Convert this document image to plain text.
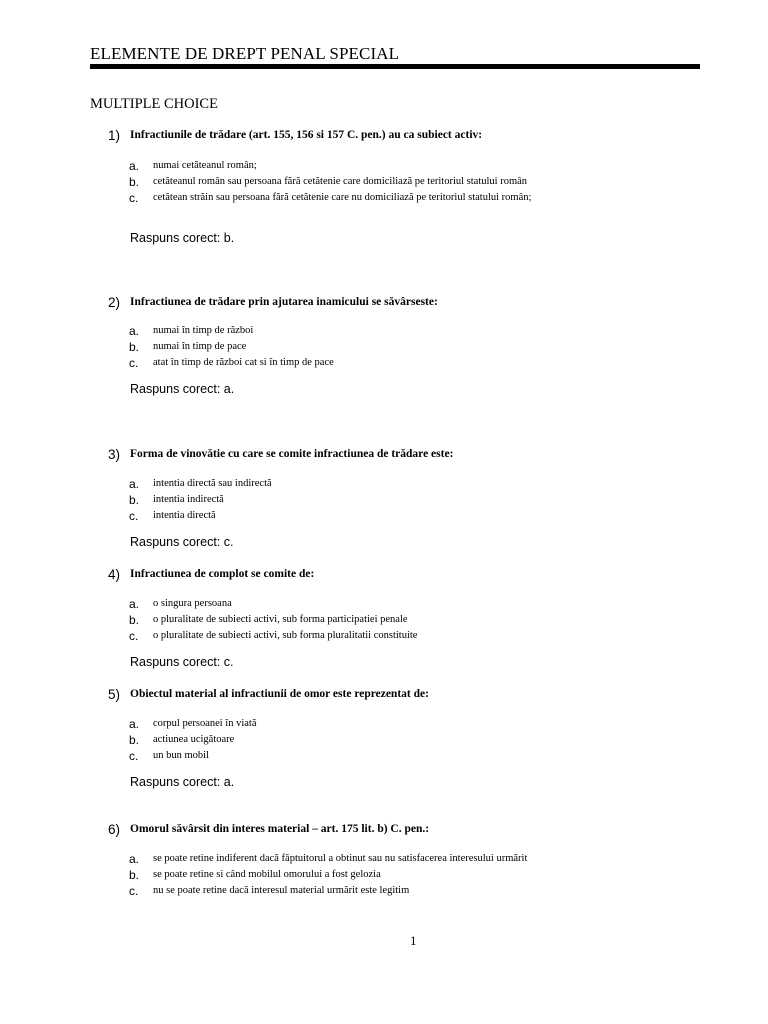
ELEMENTE DE DREPT PENAL SPECIAL
MULTIPLE CHOICE
1) Infractiunile de trădare (art. 155, 156 si 157 C. pen.) au ca subiect activ:
a. numai cetăteanul român;
b. cetăteanul român sau persoana fără cetătenie care domiciliază pe teritoriul statului român
c. cetătean străin sau persoana fără cetătenie care nu domiciliază pe teritoriul statului român;
Raspuns corect: b.
2) Infractiunea de trădare prin ajutarea inamicului se săvârseste:
a. numai în timp de război
b. numai în timp de pace
c. atat în timp de război cat si în timp de pace
Raspuns corect: a.
3) Forma de vinovătie cu care se comite infractiunea de trădare este:
a. intentia directă sau indirectă
b. intentia indirectă
c. intentia directă
Raspuns corect: c.
4) Infractiunea de complot se comite de:
a. o singura persoana
b. o pluralitate de subiecti activi, sub forma participatiei penale
c. o pluralitate de subiecti activi, sub forma pluralitatii constituite
Raspuns corect: c.
5) Obiectul material al infractiunii de omor este reprezentat de:
a. corpul persoanei în viată
b. actiunea ucigătoare
c. un bun mobil
Raspuns corect: a.
6) Omorul săvârsit din interes material – art. 175 lit. b) C. pen.:
a. se poate retine indiferent dacă făptuitorul a obtinut sau nu satisfacerea interesului urmărit
b. se poate retine si când mobilul omorului a fost gelozia
c. nu se poate retine dacă interesul material urmărit este legitim
1
